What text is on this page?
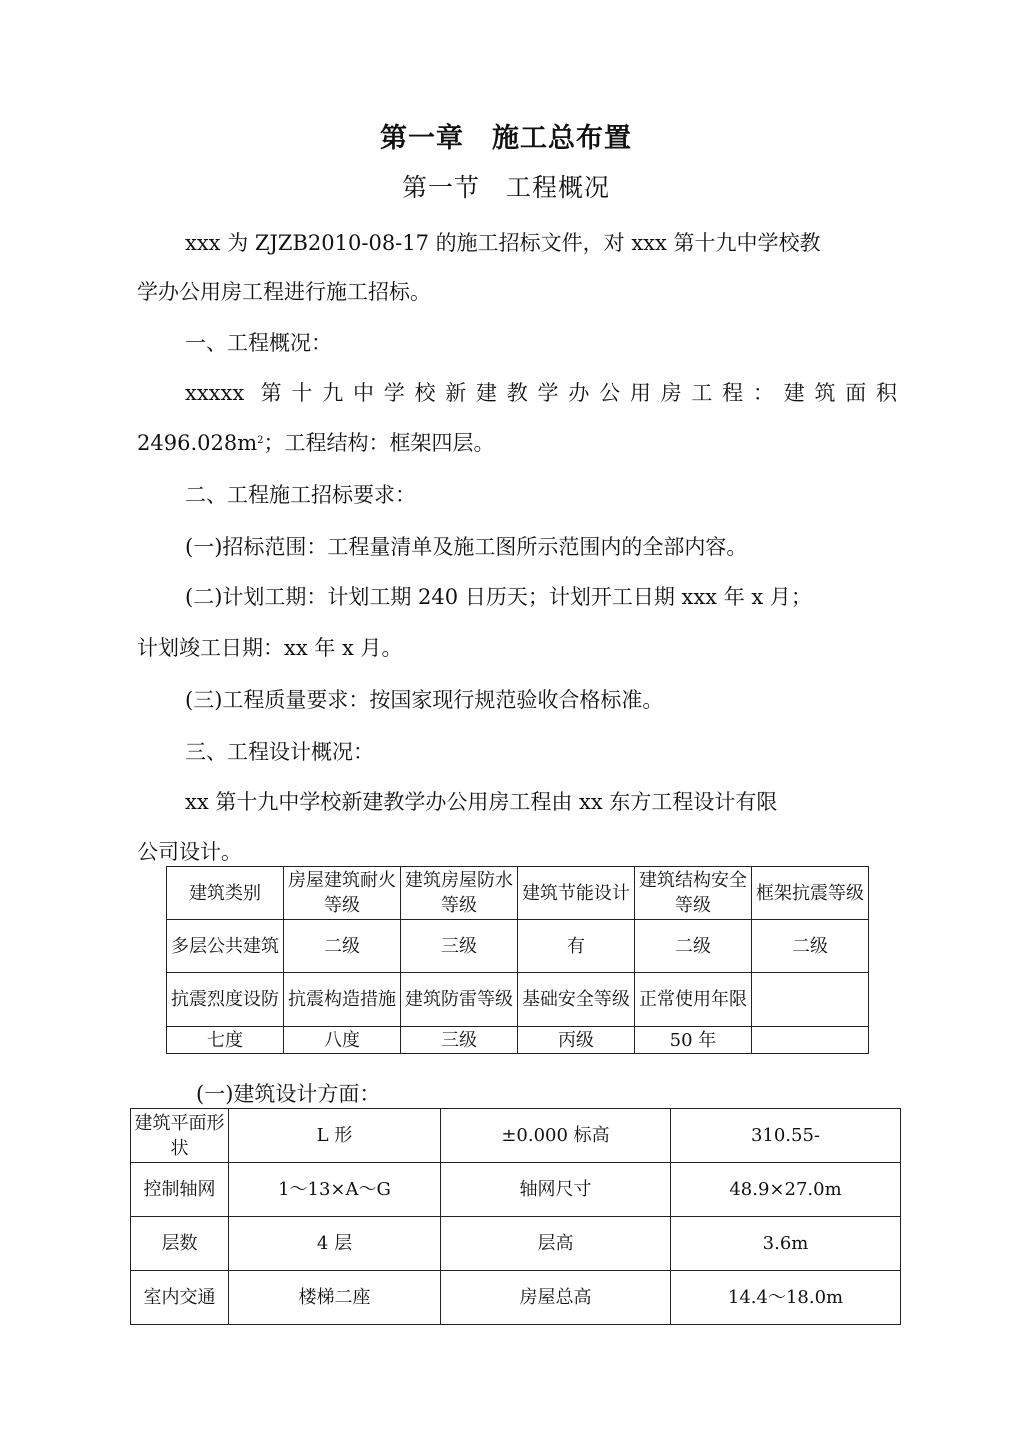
第一章　施工总布置
第一节　工程概况
xxx 为 ZJZB2010-08-17 的施工招标文件，对 xxx 第十九中学校教
学办公用房工程进行施工招标。
一、工程概况：
xxxxx 第十九中学校新建教学办公用房工程：建筑面积
$2496.028m^2$；工程结构：框架四层。
二、工程施工招标要求：
(一)招标范围：工程量清单及施工图所示范围内的全部内容。
(二)计划工期：计划工期 240 日历天；计划开工日期 xxx 年 x 月；
计划竣工日期：xx 年 x 月。
(三)工程质量要求：按国家现行规范验收合格标准。
三、工程设计概况：
xx 第十九中学校新建教学办公用房工程由 xx 东方工程设计有限
公司设计。
建筑类别	房屋建筑耐火等级	建筑房屋防水等级	建筑节能设计	建筑结构安全等级	框架抗震等级
多层公共建筑	二级	三级	有	二级	二级
抗震烈度设防	抗震构造措施	建筑防雷等级	基础安全等级	正常使用年限	
七度	八度	三级	丙级	50 年	
(一)建筑设计方面：
建筑平面形状	L 形	±0.000 标高	310.55-
控制轴网	1～13×A～G	轴网尺寸	48.9×27.0m
层数	4 层	层高	3.6m
室内交通	楼梯二座	房屋总高	14.4～18.0m
